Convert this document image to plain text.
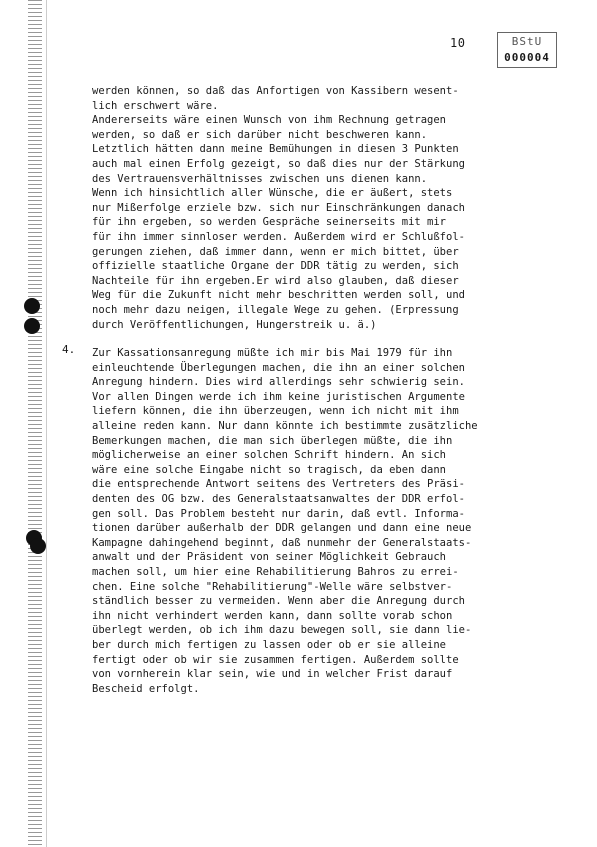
10	BStU
000004
4.
werden können, so daß das Anfortigen von Kassibern wesent-
lich erschwert wäre.
Andererseits wäre einen Wunsch von ihm Rechnung getragen
werden, so daß er sich darüber nicht beschweren kann.
Letztlich hätten dann meine Bemühungen in diesen 3 Punkten
auch mal einen Erfolg gezeigt, so daß dies nur der Stärkung
des Vertrauensverhältnisses zwischen uns dienen kann.
Wenn ich hinsichtlich aller Wünsche, die er äußert, stets
nur Mißerfolge erziele bzw. sich nur Einschränkungen danach
für ihn ergeben, so werden Gespräche seinerseits mit mir
für ihn immer sinnloser werden. Außerdem wird er Schlußfol-
gerungen ziehen, daß immer dann, wenn er mich bittet, über
offizielle staatliche Organe der DDR tätig zu werden, sich
Nachteile für ihn ergeben.Er wird also glauben, daß dieser
Weg für die Zukunft nicht mehr beschritten werden soll, und
noch mehr dazu neigen, illegale Wege zu gehen. (Erpressung
durch Veröffentlichungen, Hungerstreik u. ä.)
Zur Kassationsanregung müßte ich mir bis Mai 1979 für ihn
einleuchtende Überlegungen machen, die ihn an einer solchen
Anregung hindern. Dies wird allerdings sehr schwierig sein.
Vor allen Dingen werde ich ihm keine juristischen Argumente
liefern können, die ihn überzeugen, wenn ich nicht mit ihm
alleine reden kann. Nur dann könnte ich bestimmte zusätzliche
Bemerkungen machen, die man sich überlegen müßte, die ihn
möglicherweise an einer solchen Schrift hindern. An sich
wäre eine solche Eingabe nicht so tragisch, da eben dann
die entsprechende Antwort seitens des Vertreters des Präsi-
denten des OG bzw. des Generalstaatsanwaltes der DDR erfol-
gen soll. Das Problem besteht nur darin, daß evtl. Informa-
tionen darüber außerhalb der DDR gelangen und dann eine neue
Kampagne dahingehend beginnt, daß nunmehr der Generalstaats-
anwalt und der Präsident von seiner Möglichkeit Gebrauch
machen soll, um hier eine Rehabilitierung Bahros zu errei-
chen. Eine solche "Rehabilitierung"-Welle wäre selbstver-
ständlich besser zu vermeiden. Wenn aber die Anregung durch
ihn nicht verhindert werden kann, dann sollte vorab schon
überlegt werden, ob ich ihm dazu bewegen soll, sie dann lie-
ber durch mich fertigen zu lassen oder ob er sie alleine
fertigt oder ob wir sie zusammen fertigen. Außerdem sollte
von vornherein klar sein, wie und in welcher Frist darauf
Bescheid erfolgt.
